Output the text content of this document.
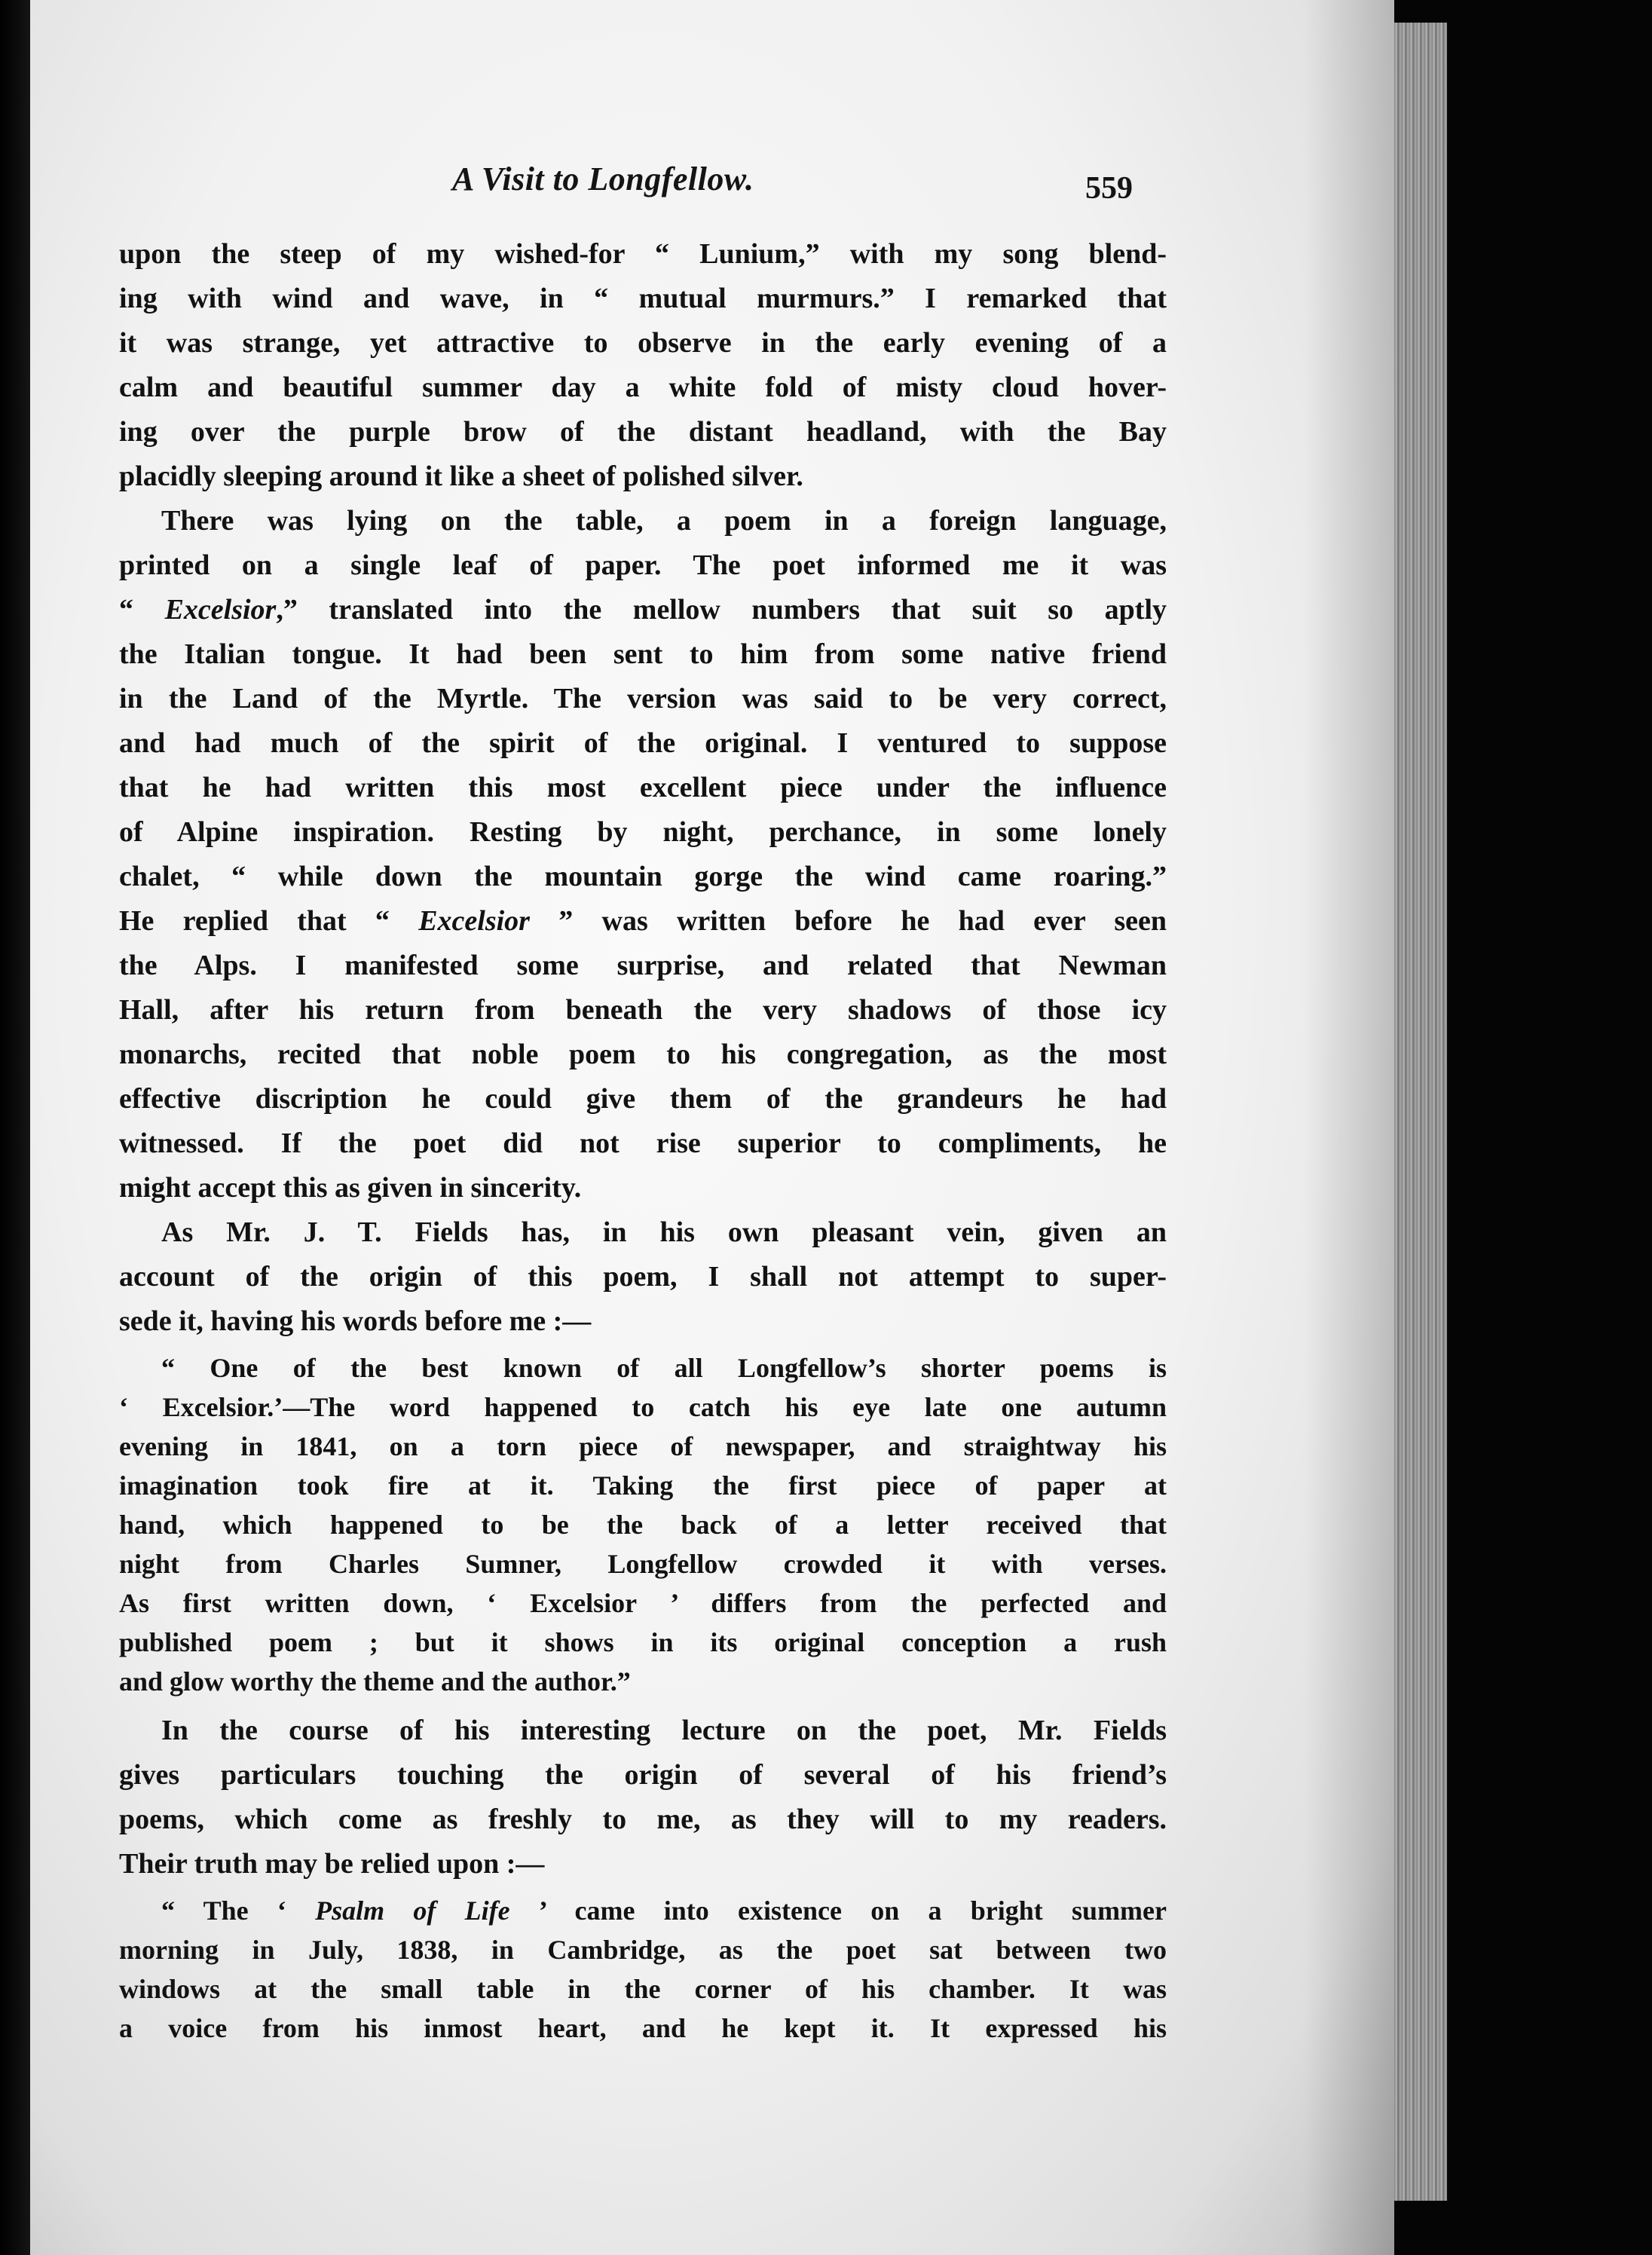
A Visit to Longfellow.	559
upon the steep of my wished-for “ Lunium,” with my song blend‑
ing with wind and wave, in “ mutual murmurs.” I remarked that
it was strange, yet attractive to observe in the early evening of a
calm and beautiful summer day a white fold of misty cloud hover-
ing over the purple brow of the distant headland, with the Bay
placidly sleeping around it like a sheet of polished silver.
There was lying on the table, a poem in a foreign language,
printed on a single leaf of paper. The poet informed me it was
“ Excelsior,” translated into the mellow numbers that suit so aptly
the Italian tongue. It had been sent to him from some native friend
in the Land of the Myrtle. The version was said to be very correct,
and had much of the spirit of the original. I ventured to suppose
that he had written this most excellent piece under the influence
of Alpine inspiration. Resting by night, perchance, in some lonely
chalet, “ while down the mountain gorge the wind came roaring.”
He replied that “ Excelsior ” was written before he had ever seen
the Alps. I manifested some surprise, and related that Newman
Hall, after his return from beneath the very shadows of those icy
monarchs, recited that noble poem to his congregation, as the most
effective discription he could give them of the grandeurs he had
witnessed. If the poet did not rise superior to compliments, he
might accept this as given in sincerity.
As Mr. J. T. Fields has, in his own pleasant vein, given an
account of the origin of this poem, I shall not attempt to super-
sede it, having his words before me :—
“ One of the best known of all Longfellow’s shorter poems is
‘ Excelsior.’—The word happened to catch his eye late one autumn
evening in 1841, on a torn piece of newspaper, and straightway his
imagination took fire at it. Taking the first piece of paper at
hand, which happened to be the back of a letter received that
night from Charles Sumner, Longfellow crowded it with verses.
As first written down, ‘ Excelsior ’ differs from the perfected and
published poem ; but it shows in its original conception a rush
and glow worthy the theme and the author.”
In the course of his interesting lecture on the poet, Mr. Fields
gives particulars touching the origin of several of his friend’s
poems, which come as freshly to me, as they will to my readers.
Their truth may be relied upon :—
“ The ‘ Psalm of Life ’ came into existence on a bright summer
morning in July, 1838, in Cambridge, as the poet sat between two
windows at the small table in the corner of his chamber. It was
a voice from his inmost heart, and he kept it. It expressed his
